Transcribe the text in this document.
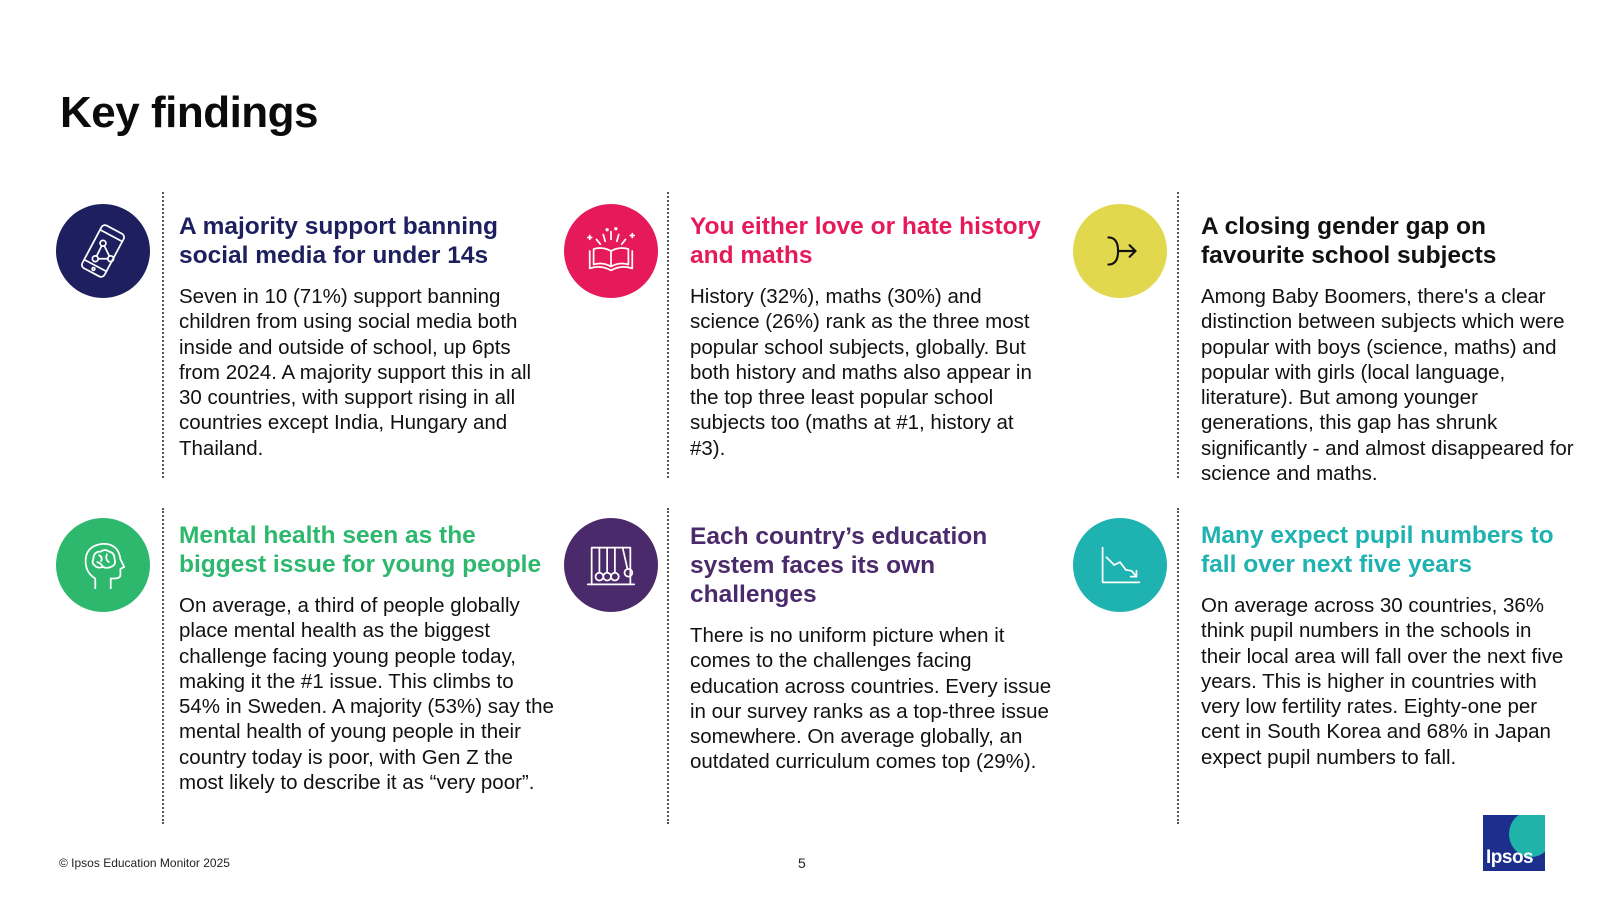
Key findings
A majority support banning social media for under 14s

Seven in 10 (71%) support banning children from using social media both inside and outside of school, up 6pts from 2024. A majority support this in all 30 countries, with support rising in all countries except India, Hungary and Thailand.

You either love or hate history and maths

History (32%), maths (30%) and science (26%) rank as the three most popular school subjects, globally. But both history and maths also appear in the top three least popular school subjects too (maths at #1, history at #3).

A closing gender gap on favourite school subjects

Among Baby Boomers, there's a clear distinction between subjects which were popular with boys (science, maths) and popular with girls (local language, literature). But among younger generations, this gap has shrunk significantly - and almost disappeared for science and maths.

Mental health seen as the biggest issue for young people

On average, a third of people globally place mental health as the biggest challenge facing young people today, making it the #1 issue. This climbs to 54% in Sweden. A majority (53%) say the mental health of young people in their country today is poor, with Gen Z the most likely to describe it as “very poor”.

Each country’s education system faces its own challenges

There is no uniform picture when it comes to the challenges facing education across countries. Every issue in our survey ranks as a top-three issue somewhere. On average globally, an outdated curriculum comes top (29%).

Many expect pupil numbers to fall over next five years

On average across 30 countries, 36% think pupil numbers in the schools in their local area will fall over the next five years. This is higher in countries with very low fertility rates. Eighty-one per cent in South Korea and 68% in Japan expect pupil numbers to fall.

© Ipsos Education Monitor 2025	5	Ipsos
